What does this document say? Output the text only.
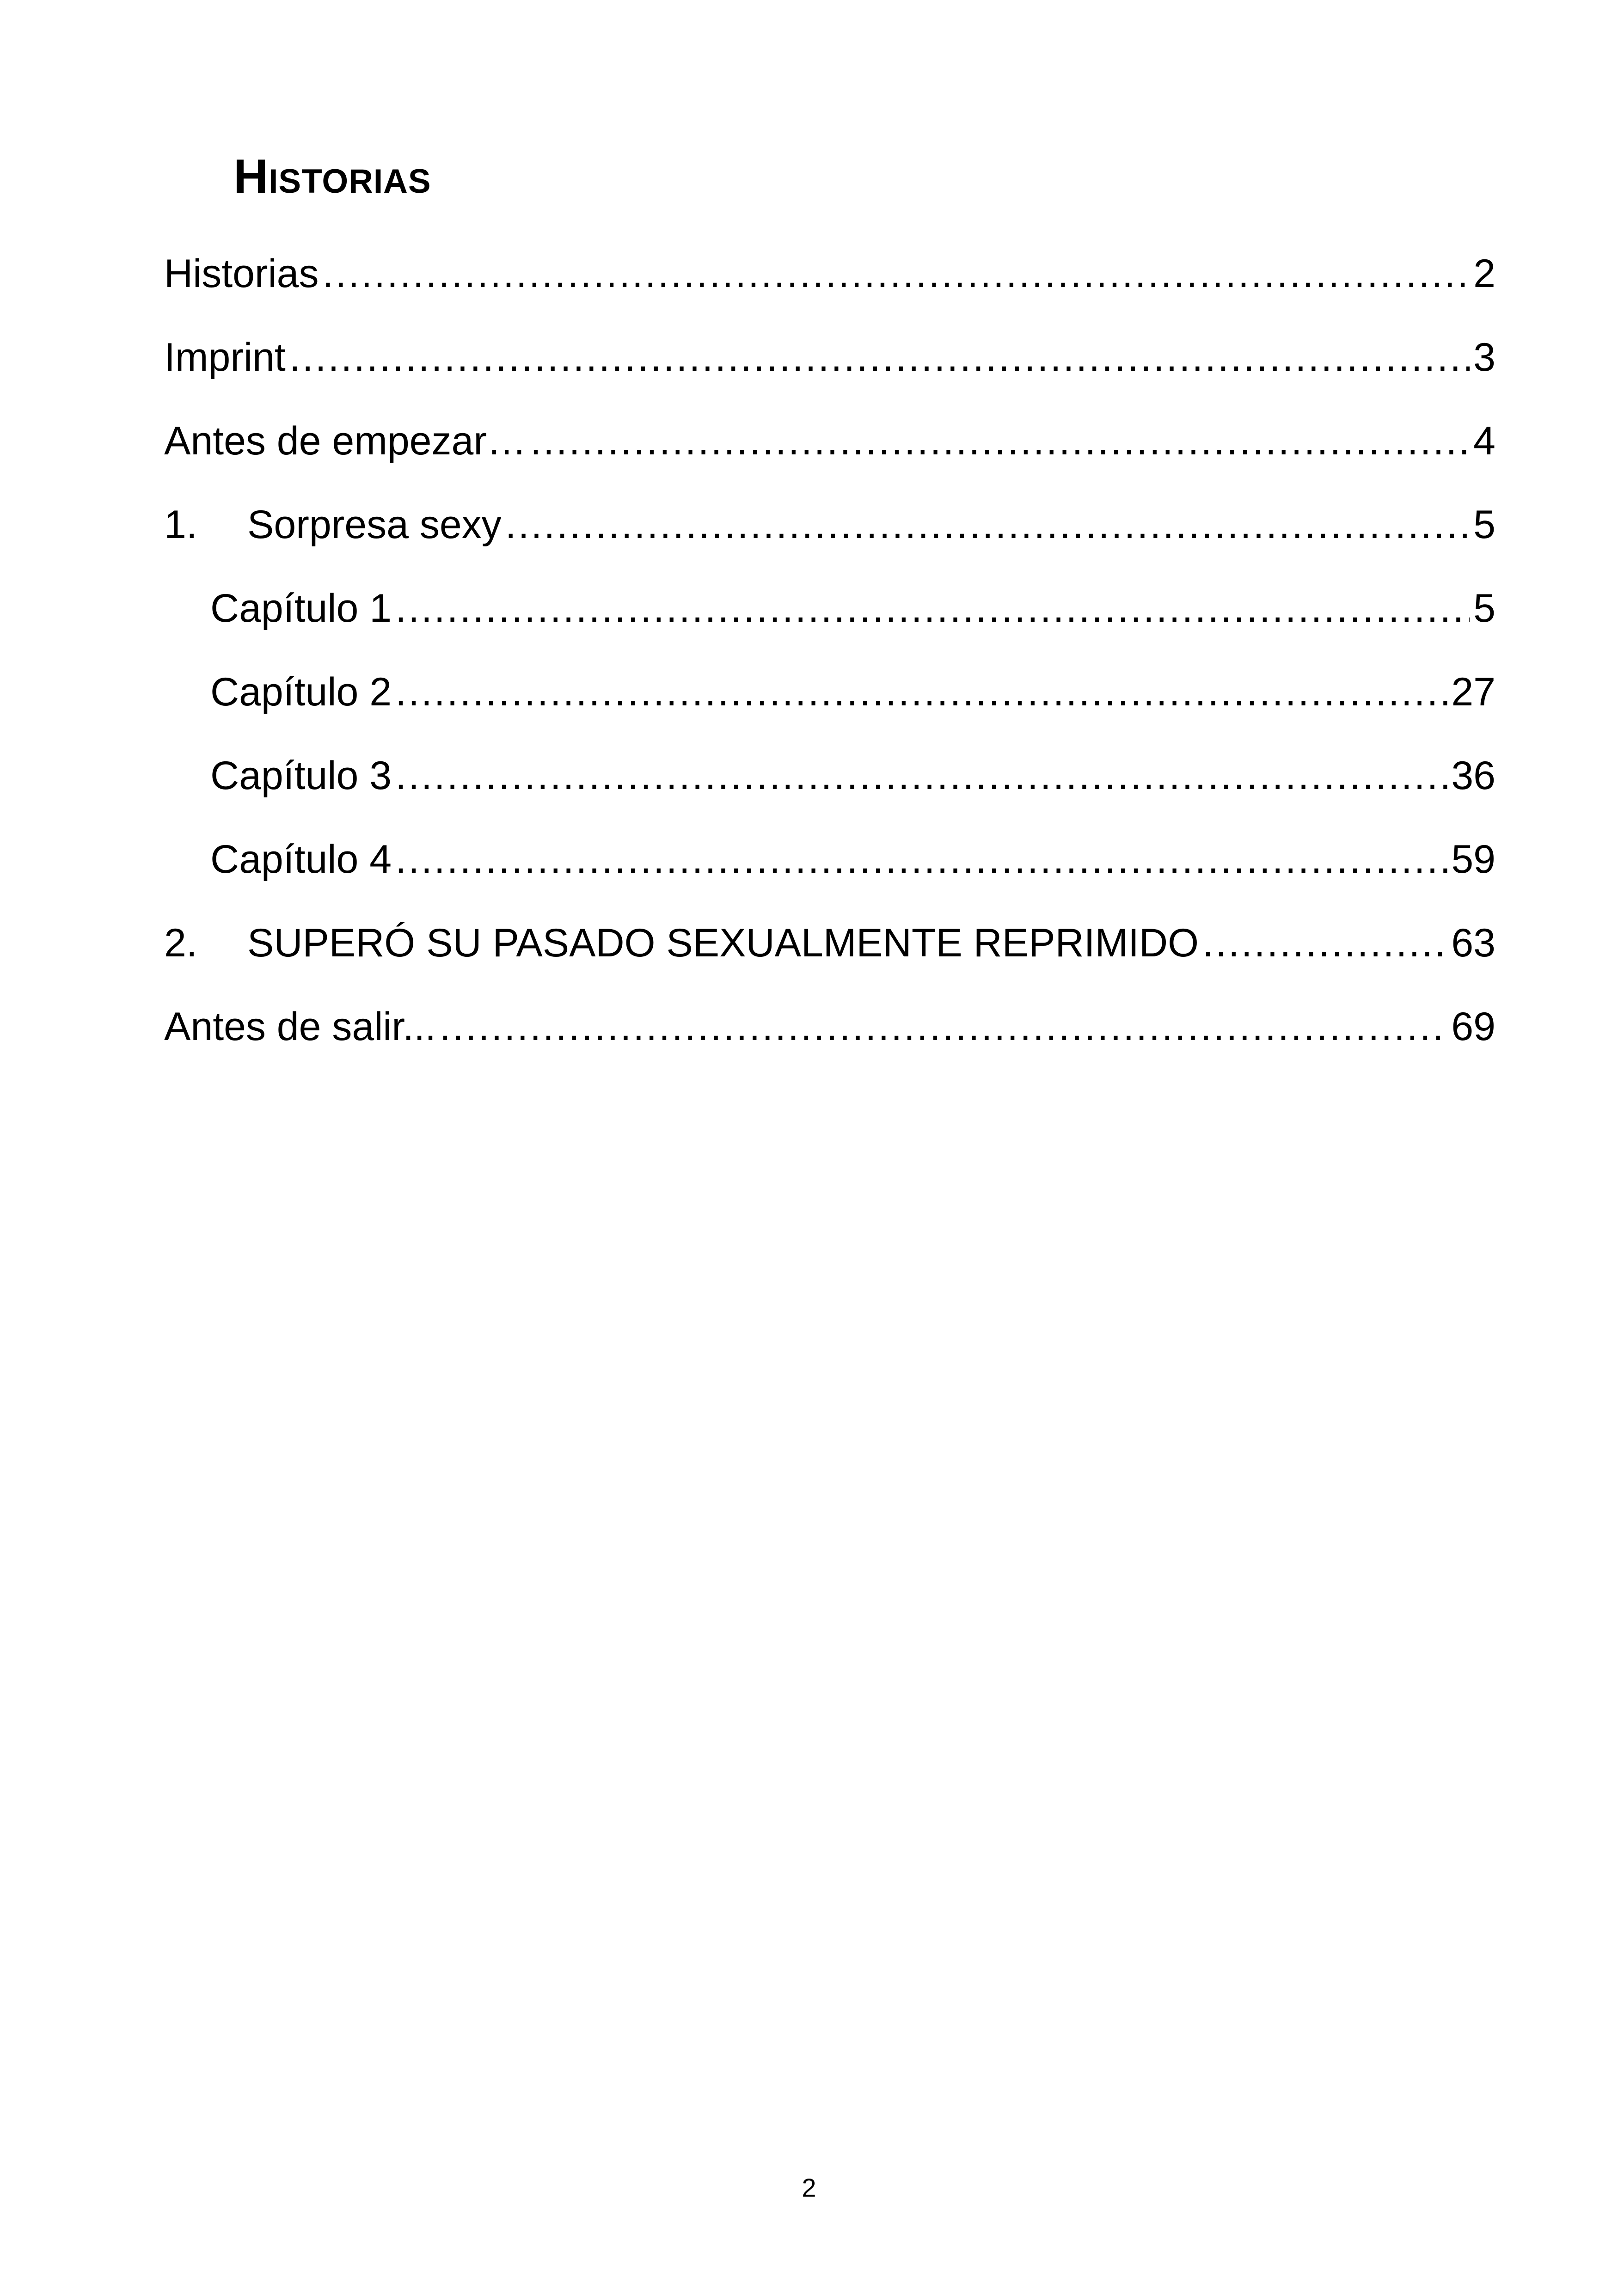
Historias
Historias .....	2
Imprint .....	3
Antes de empezar… .....	4
1.	Sorpresa sexy .....	5
Capítulo 1 .....	5
Capítulo 2 .....	27
Capítulo 3 .....	36
Capítulo 4 .....	59
2.	SUPERÓ SU PASADO SEXUALMENTE REPRIMIDO .....	63
Antes de salir... .....	69
2
